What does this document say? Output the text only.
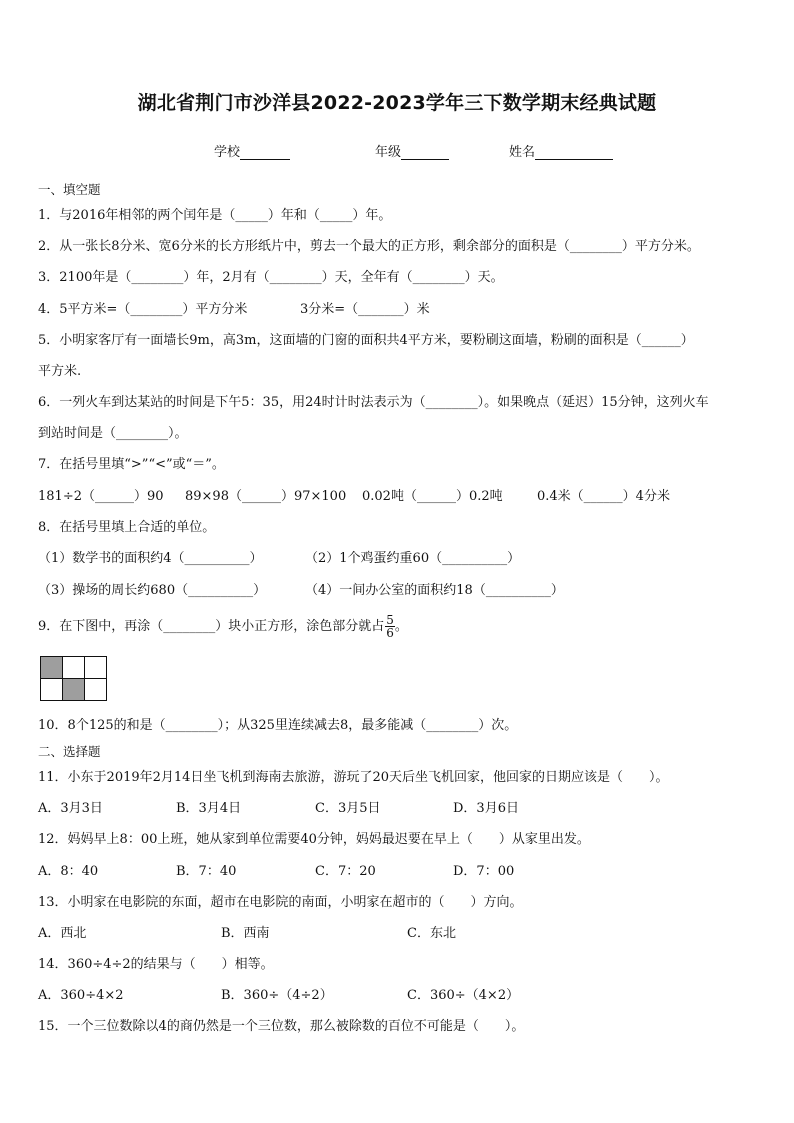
湖北省荆门市沙洋县2022-2023学年三下数学期末经典试题
学校	年级	姓名
一、填空题
1．与2016年相邻的两个闰年是（_____）年和（_____）年。
2．从一张长8分米、宽6分米的长方形纸片中，剪去一个最大的正方形，剩余部分的面积是（________）平方分米。
3．2100年是（________）年，2月有（________）天，全年有（________）天。
4．5平方米=（________）平方分米	3分米=（_______）米
5．小明家客厅有一面墙长9m，高3m，这面墙的门窗的面积共4平方米，要粉刷这面墙，粉刷的面积是（______）
平方米.
6．一列火车到达某站的时间是下午5：35，用24时计时法表示为（________）。如果晚点（延迟）15分钟，这列火车
到站时间是（________）。
7．在括号里填“>”“<”或“＝”。
181÷2（______）90 89×98（______）97×100 0.02吨（______）0.2吨	0.4米（______）4分米
8．在括号里填上合适的单位。
（1）数学书的面积约4（__________）	（2）1个鸡蛋约重60（__________）
（3）操场的周长约680（__________）	（4）一间办公室的面积约18（__________）
9．在下图中，再涂（________）块小正方形，涂色部分就占 $\frac{5}{6}$ 。

10．8个125的和是（________）；从325里连续减去8，最多能减（________）次。
二、选择题
11．小东于2019年2月14日坐飞机到海南去旅游，游玩了20天后坐飞机回家，他回家的日期应该是（　　）。
A．3月3日	B．3月4日	C．3月5日	D．3月6日
12．妈妈早上8：00上班，她从家到单位需要40分钟，妈妈最迟要在早上（　　）从家里出发。
A．8：40	B．7：40	C．7：20	D．7：00
13．小明家在电影院的东面，超市在电影院的南面，小明家在超市的（　　）方向。
A．西北	B．西南	C．东北
14．360÷4÷2的结果与（　　）相等。
A．360÷4×2	B．360÷（4÷2）	C．360÷（4×2）
15．一个三位数除以4的商仍然是一个三位数，那么被除数的百位不可能是（　　）。
